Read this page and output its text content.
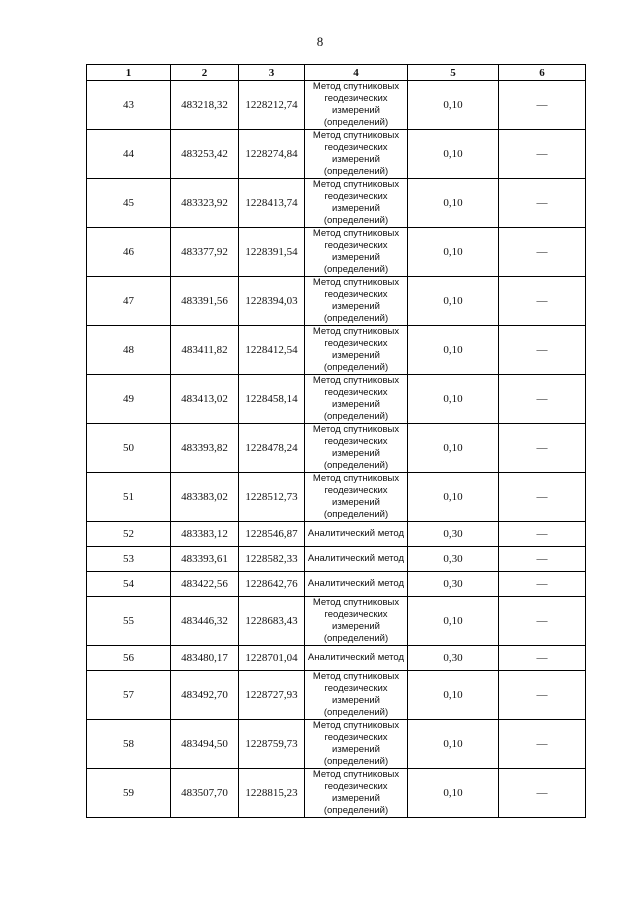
8
1	2	3	4	5	6
43	483218,32	1228212,74	Метод спутниковых геодезических измерений (определений)	0,10	—
44	483253,42	1228274,84	Метод спутниковых геодезических измерений (определений)	0,10	—
45	483323,92	1228413,74	Метод спутниковых геодезических измерений (определений)	0,10	—
46	483377,92	1228391,54	Метод спутниковых геодезических измерений (определений)	0,10	—
47	483391,56	1228394,03	Метод спутниковых геодезических измерений (определений)	0,10	—
48	483411,82	1228412,54	Метод спутниковых геодезических измерений (определений)	0,10	—
49	483413,02	1228458,14	Метод спутниковых геодезических измерений (определений)	0,10	—
50	483393,82	1228478,24	Метод спутниковых геодезических измерений (определений)	0,10	—
51	483383,02	1228512,73	Метод спутниковых геодезических измерений (определений)	0,10	—
52	483383,12	1228546,87	Аналитический метод	0,30	—
53	483393,61	1228582,33	Аналитический метод	0,30	—
54	483422,56	1228642,76	Аналитический метод	0,30	—
55	483446,32	1228683,43	Метод спутниковых геодезических измерений (определений)	0,10	—
56	483480,17	1228701,04	Аналитический метод	0,30	—
57	483492,70	1228727,93	Метод спутниковых геодезических измерений (определений)	0,10	—
58	483494,50	1228759,73	Метод спутниковых геодезических измерений (определений)	0,10	—
59	483507,70	1228815,23	Метод спутниковых геодезических измерений (определений)	0,10	—
